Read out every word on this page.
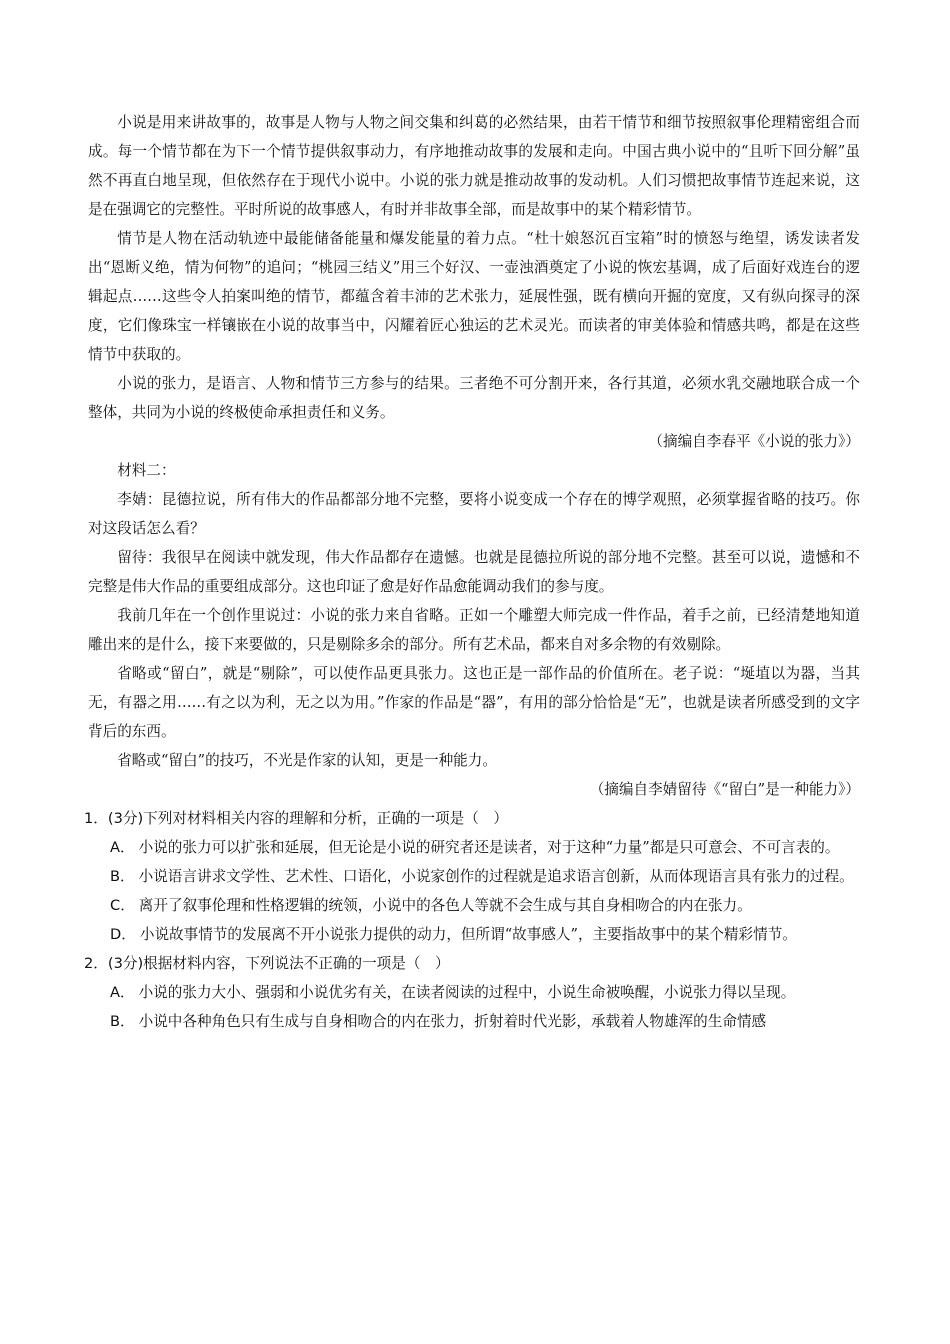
小说是用来讲故事的，故事是人物与人物之间交集和纠葛的必然结果，由若干情节和细节按照叙事伦理精密组合而成。每一个情节都在为下一个情节提供叙事动力，有序地推动故事的发展和走向。中国古典小说中的“且听下回分解”虽然不再直白地呈现，但依然存在于现代小说中。小说的张力就是推动故事的发动机。人们习惯把故事情节连起来说，这是在强调它的完整性。平时所说的故事感人，有时并非故事全部，而是故事中的某个精彩情节。

情节是人物在活动轨迹中最能储备能量和爆发能量的着力点。“杜十娘怒沉百宝箱”时的愤怒与绝望，诱发读者发出“恩断义绝，情为何物”的追问；“桃园三结义”用三个好汉、一壶浊酒奠定了小说的恢宏基调，成了后面好戏连台的逻辑起点……这些令人拍案叫绝的情节，都蕴含着丰沛的艺术张力，延展性强，既有横向开掘的宽度，又有纵向探寻的深度，它们像珠宝一样镶嵌在小说的故事当中，闪耀着匠心独运的艺术灵光。而读者的审美体验和情感共鸣，都是在这些情节中获取的。

小说的张力，是语言、人物和情节三方参与的结果。三者绝不可分割开来，各行其道，必须水乳交融地联合成一个整体，共同为小说的终极使命承担责任和义务。

（摘编自李春平《小说的张力》）

材料二：

李婧：昆德拉说，所有伟大的作品都部分地不完整，要将小说变成一个存在的博学观照，必须掌握省略的技巧。你对这段话怎么看？

留待：我很早在阅读中就发现，伟大作品都存在遗憾。也就是昆德拉所说的部分地不完整。甚至可以说，遗憾和不完整是伟大作品的重要组成部分。这也印证了愈是好作品愈能调动我们的参与度。

我前几年在一个创作里说过：小说的张力来自省略。正如一个雕塑大师完成一件作品，着手之前，已经清楚地知道雕出来的是什么，接下来要做的，只是剔除多余的部分。所有艺术品，都来自对多余物的有效剔除。

省略或“留白”，就是“剔除”，可以使作品更具张力。这也正是一部作品的价值所在。老子说：“埏埴以为器，当其无，有器之用……有之以为利，无之以为用。”作家的作品是“器”，有用的部分恰恰是“无”，也就是读者所感受到的文字背后的东西。

省略或“留白”的技巧，不光是作家的认知，更是一种能力。

（摘编自李婧留待《“留白”是一种能力》）

1．(3分)下列对材料相关内容的理解和分析，正确的一项是（　）

A． 小说的张力可以扩张和延展，但无论是小说的研究者还是读者，对于这种“力量”都是只可意会、不可言表的。

B． 小说语言讲求文学性、艺术性、口语化，小说家创作的过程就是追求语言创新，从而体现语言具有张力的过程。

C． 离开了叙事伦理和性格逻辑的统领，小说中的各色人等就不会生成与其自身相吻合的内在张力。

D． 小说故事情节的发展离不开小说张力提供的动力，但所谓“故事感人”，主要指故事中的某个精彩情节。

2．(3分)根据材料内容，下列说法不正确的一项是（　）

A． 小说的张力大小、强弱和小说优劣有关，在读者阅读的过程中，小说生命被唤醒，小说张力得以呈现。

B． 小说中各种角色只有生成与自身相吻合的内在张力，折射着时代光影，承载着人物雄浑的生命情感
